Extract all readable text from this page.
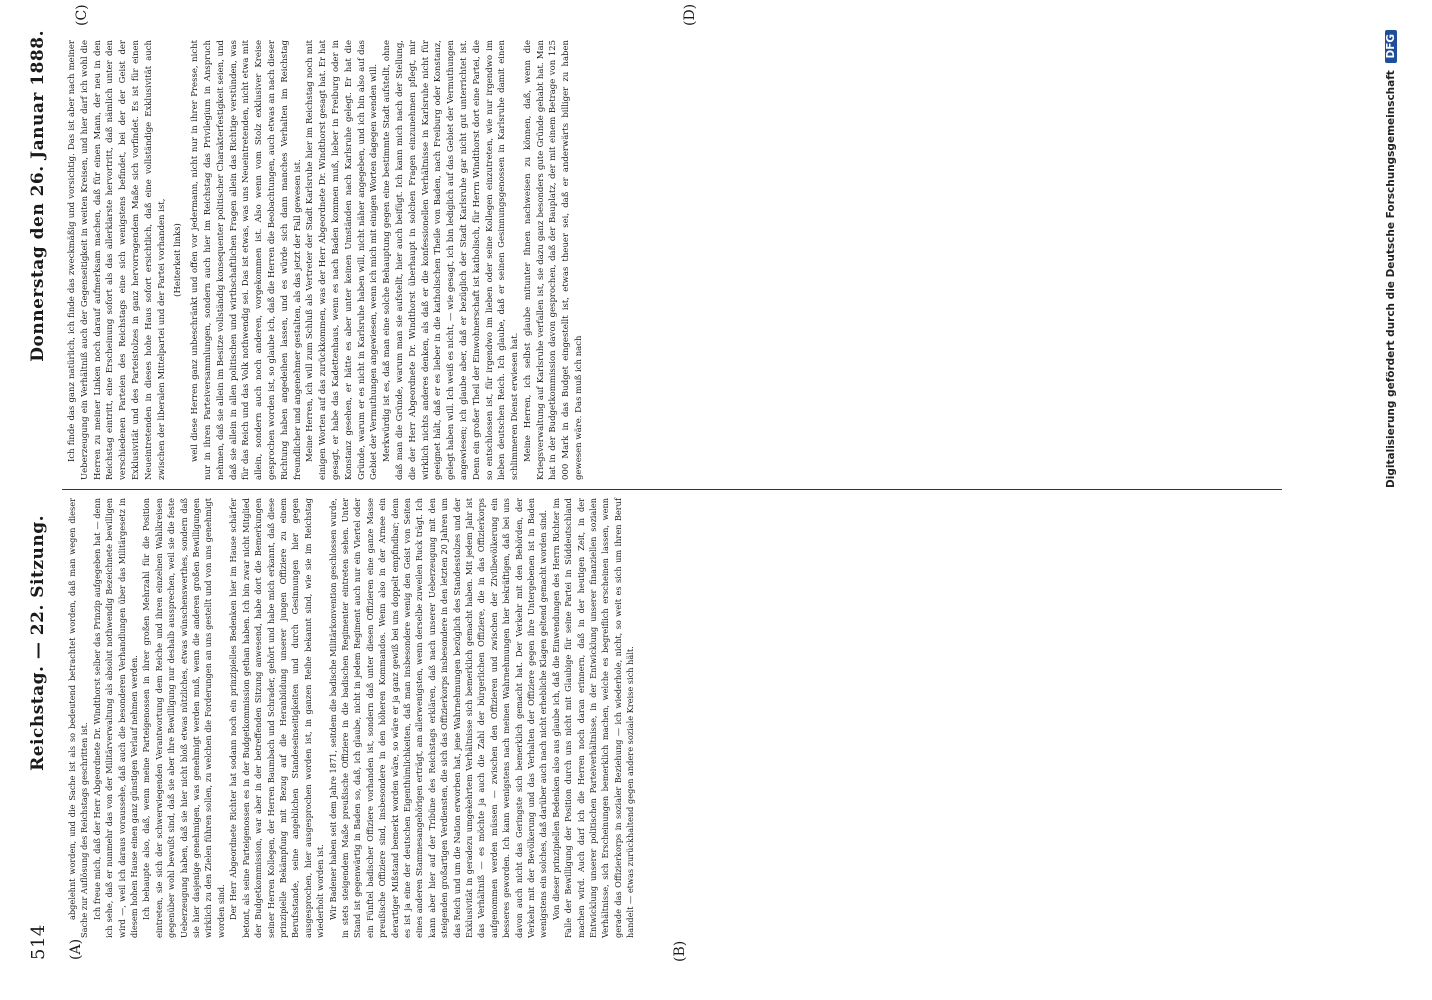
514
Reichstag. — 22. Sitzung.
Donnerstag den 26. Januar 1888.
(A)	(B)
(C)	(D)

abgelehnt worden, und die Sache ist als so bedeutend betrachtet worden, daß man wegen dieser Sache zur Auflösung des Reichstags geschritten ist. Ich freue mich, daß der Herr Abgeordnete Dr. Windthorst selber das Prinzip aufgegeben hat — denn ich sehe, daß er nunmehr das von der Militärverwaltung als absolut nothwendig Bezeichnete bewilligen wird —, weil ich daraus voraussehe, daß auch die besonderen Verhandlungen über das Militärgesetz in diesem hohen Hause einen ganz günstigen Verlauf nehmen werden. Ich behaupte also, daß, wenn meine Parteigenossen in ihrer großen Mehrzahl für die Position eintreten, sie sich der schwerwiegenden Verantwortung dem Reiche und ihren einzelnen Wahlkreisen gegenüber wohl bewußt sind, daß sie aber ihre Bewilligung nur deshalb aussprechen, weil sie die feste Ueberzeugung haben, daß sie hier nicht bloß etwas nützliches, etwas wünschenswerthes, sondern daß sie hier dasjenige genehmigen, was genehmigt werden muß, wenn die anderen großen Bewilligungen wirklich zu den Zielen führen sollen, zu welchen die Forderungen an uns gestellt und von uns genehmigt worden sind. Der Herr Abgeordnete Richter hat sodann noch ein prinzipielles Bedenken hier im Hause schärfer betont, als seine Parteigenossen es in der Budgetkommission gethan haben. Ich bin zwar nicht Mitglied der Budgetkommission, war aber in der betreffenden Sitzung anwesend, habe dort die Bemerkungen seiner Herren Kollegen, der Herren Baumbach und Schrader, gehört und habe mich erkannt, daß diese prinzipielle Bekämpfung mit Bezug auf die Heranbildung unserer jungen Offiziere zu einem Berufsstande, seine angeblichen Standeseinseitigkeiten und durch Gesinnungen hier gegen ausgesprochen, hier ausgesprochen worden ist, in ganzen Reihe bekannt sind, wie sie im Reichstag wiederholt worden ist. Wir Badener haben seit dem Jahre 1871, seitdem die badische Militärkonvention geschlossen wurde, in stets steigendem Maße preußische Offiziere in die badischen Regimenter eintreten sehen. Unter Stand ist gegenwärtig in Baden so, daß, ich glaube, nicht in jedem Regiment auch nur ein Viertel oder ein Fünftel badischer Offiziere vorhanden ist, sondern daß unter diesen Offizieren eine ganze Masse preußische Offiziere sind, insbesondere in den höheren Kommandos. Wenn also in der Armee ein derartiger Mißstand bemerkt worden wäre, so wäre er ja ganz gewiß bei uns doppelt empfindbar; denn es ist ja eine der deutschen Eigenthümlichkeiten, daß man insbesondere wenig den Geist von Seiten eines anderen Stammesangehörigen erträgt, am allerwenigsten, wenn derselbe zuweilen Ruck trägt. Ich kann aber hier auf der Tribüne des Reichstags erklären, daß nach unserer Ueberzeugung mit den steigenden großartigen Verdiensten, die sich das Offizierkorps insbesondere in den letzten 20 Jahren um das Reich und um die Nation erworben hat, jene Wahrnehmungen bezüglich des Standesstolzes und der Exklusivität in geradezu umgekehrtem Verhältnisse sich bemerklich gemacht haben. Mit jedem Jahr ist das Verhältniß — es möchte ja auch die Zahl der bürgerlichen Offiziere, die in das Offizierkorps aufgenommen werden müssen — zwischen den Offizieren und zwischen der Zivilbevölkerung ein besseres geworden. Ich kann wenigstens nach meinen Wahrnehmungen hier bekräftigen, daß bei uns davon auch nicht das Geringste sich bemerklich gemacht hat. Der Verkehr mit den Behörden, der Verkehr mit der Bevölkerung und das Verhalten der Offiziere gegen ihre Untergebenen ist in Baden wenigstens ein solches, daß darüber auch nach nicht erhebliche Klagen geltend gemacht worden sind. Von dieser prinzipiellen Bedenken also aus glaube ich, daß die Einwendungen des Herrn Richter im Falle der Bewilligung der Position durch uns nicht mit Glaubige für seine Partei in Süddeutschland machen wird. Auch darf ich die Herren noch daran erinnern, daß in der heutigen Zeit, in der Entwicklung unserer politischen Parteiverhältnisse, in der Entwicklung unserer finanziellen sozialen Verhältnisse, sich Erscheinungen bemerklich machen, welche es begreiflich erscheinen lassen, wenn gerade das Offizierkorps in sozialer Beziehung — ich wiederhole, nicht, so weit es sich um ihren Beruf handelt — etwas zurückhaltend gegen andere soziale Kreise sich hält.

Ich finde das ganz natürlich, ich finde das zweckmäßig und vorsichtig. Das ist aber nach meiner Ueberzeugung ein Verhältniß auch der Gegenseitigkeit in weiten Kreisen, und hier darf ich wohl die Herren zu meiner Linken noch darauf aufmerksam machen, daß für einen Mann, der neu in den Reichstag eintritt, eine Erscheinung sofort als das allerklarste hervortritt, daß nämlich unter den verschiedenen Parteien des Reichstags eine sich wenigstens befindet, bei der der Geist der Exklusivität und des Parteistolzes in ganz hervorragendem Maße sich vorfindet. Es ist für einen Neueintretenden in dieses hohe Haus sofort ersichtlich, daß eine vollständige Exklusivität auch zwischen der liberalen Mittelpartei und der Partei vorhanden ist, (Heiterkeit links) weil diese Herren ganz unbeschränkt und offen vor jedermann, nicht nur in ihrer Presse, nicht nur in ihren Parteiversammlungen, sondern auch hier im Reichstag das Privilegium in Anspruch nehmen, daß sie allein im Besitze vollständig konsequenter politischer Charakterfestigkeit seien, und daß sie allein in allen politischen und wirthschaftlichen Fragen allein das Richtige verstünden, was für das Reich und das Volk nothwendig sei. Das ist etwas, was uns Neueintretenden, nicht etwa mit allein, sondern auch noch anderen, vorgekommen ist. Also wenn vom Stolz exklusiver Kreise gesprochen worden ist, so glaube ich, daß die Herren die Beobachtungen, auch etwas an nach dieser Richtung haben angedeihen lassen, und es würde sich dann manches Verhalten im Reichstag freundlicher und angenehmer gestalten, als das jetzt der Fall gewesen ist. Meine Herren, ich will zum Schluß als Vertreter der Stadt Karlsruhe hier im Reichstag noch mit einigen Worten auf das zurückkommen, was der Herr Abgeordnete Dr. Windthorst gesagt hat. Er hat gesagt, er habe das Kadettenhaus, wenn es nach Baden kommen muß, lieber in Freiburg oder in Konstanz gesehen, er hätte es aber unter keinen Umständen nach Karlsruhe gelegt. Er hat die Gründe, warum er es nicht in Karlsruhe haben will, nicht näher angegeben, und ich bin also auf das Gebiet der Vermuthungen angewiesen, wenn ich mich mit einigen Worten dagegen wenden will. Merkwürdig ist es, daß man eine solche Behauptung gegen eine bestimmte Stadt aufstellt, ohne daß man die Gründe, warum man sie aufstellt, hier auch beifügt. Ich kann mich nach der Stellung, die der Herr Abgeordnete Dr. Windthorst überhaupt in solchen Fragen einzunehmen pflegt, mir wirklich nichts anderes denken, als daß er die konfessionellen Verhältnisse in Karlsruhe nicht für geeignet hält, daß er es lieber in die katholischen Theile von Baden, nach Freiburg oder Konstanz, gelegt haben will. Ich weiß es nicht, — wie gesagt, ich bin lediglich auf das Gebiet der Vermuthungen angewiesen; ich glaube aber, daß er bezüglich der Stadt Karlsruhe gar nicht gut unterrichtet ist. Denn ein großer Theil der Einwohnerschaft ist katholisch, für Herrn Windthorst dort eine Partei, die so entschlossen ist, für irgendwo im lieben oder seine Kollegen einzutreten, wie nur irgendwo im lieben deutschen Reich. Ich glaube, daß er seinen Gesinnungsgenossen in Karlsruhe damit einen schlimmeren Dienst erwiesen hat. Meine Herren, ich selbst glaube mitunter Ihnen nachweisen zu können, daß, wenn die Kriegsverwaltung auf Karlsruhe verfallen ist, sie dazu ganz besonders gute Gründe gehabt hat. Man hat in der Budgetkommission davon gesprochen, daß der Bauplatz, der mit einem Betrage von 125 000 Mark in das Budget eingestellt ist, etwas theuer sei, daß er anderwärts billiger zu haben gewesen wäre. Das muß ich nach	Digitalisierung gefördert durch die Deutsche Forschungsgemeinschaft DFG
